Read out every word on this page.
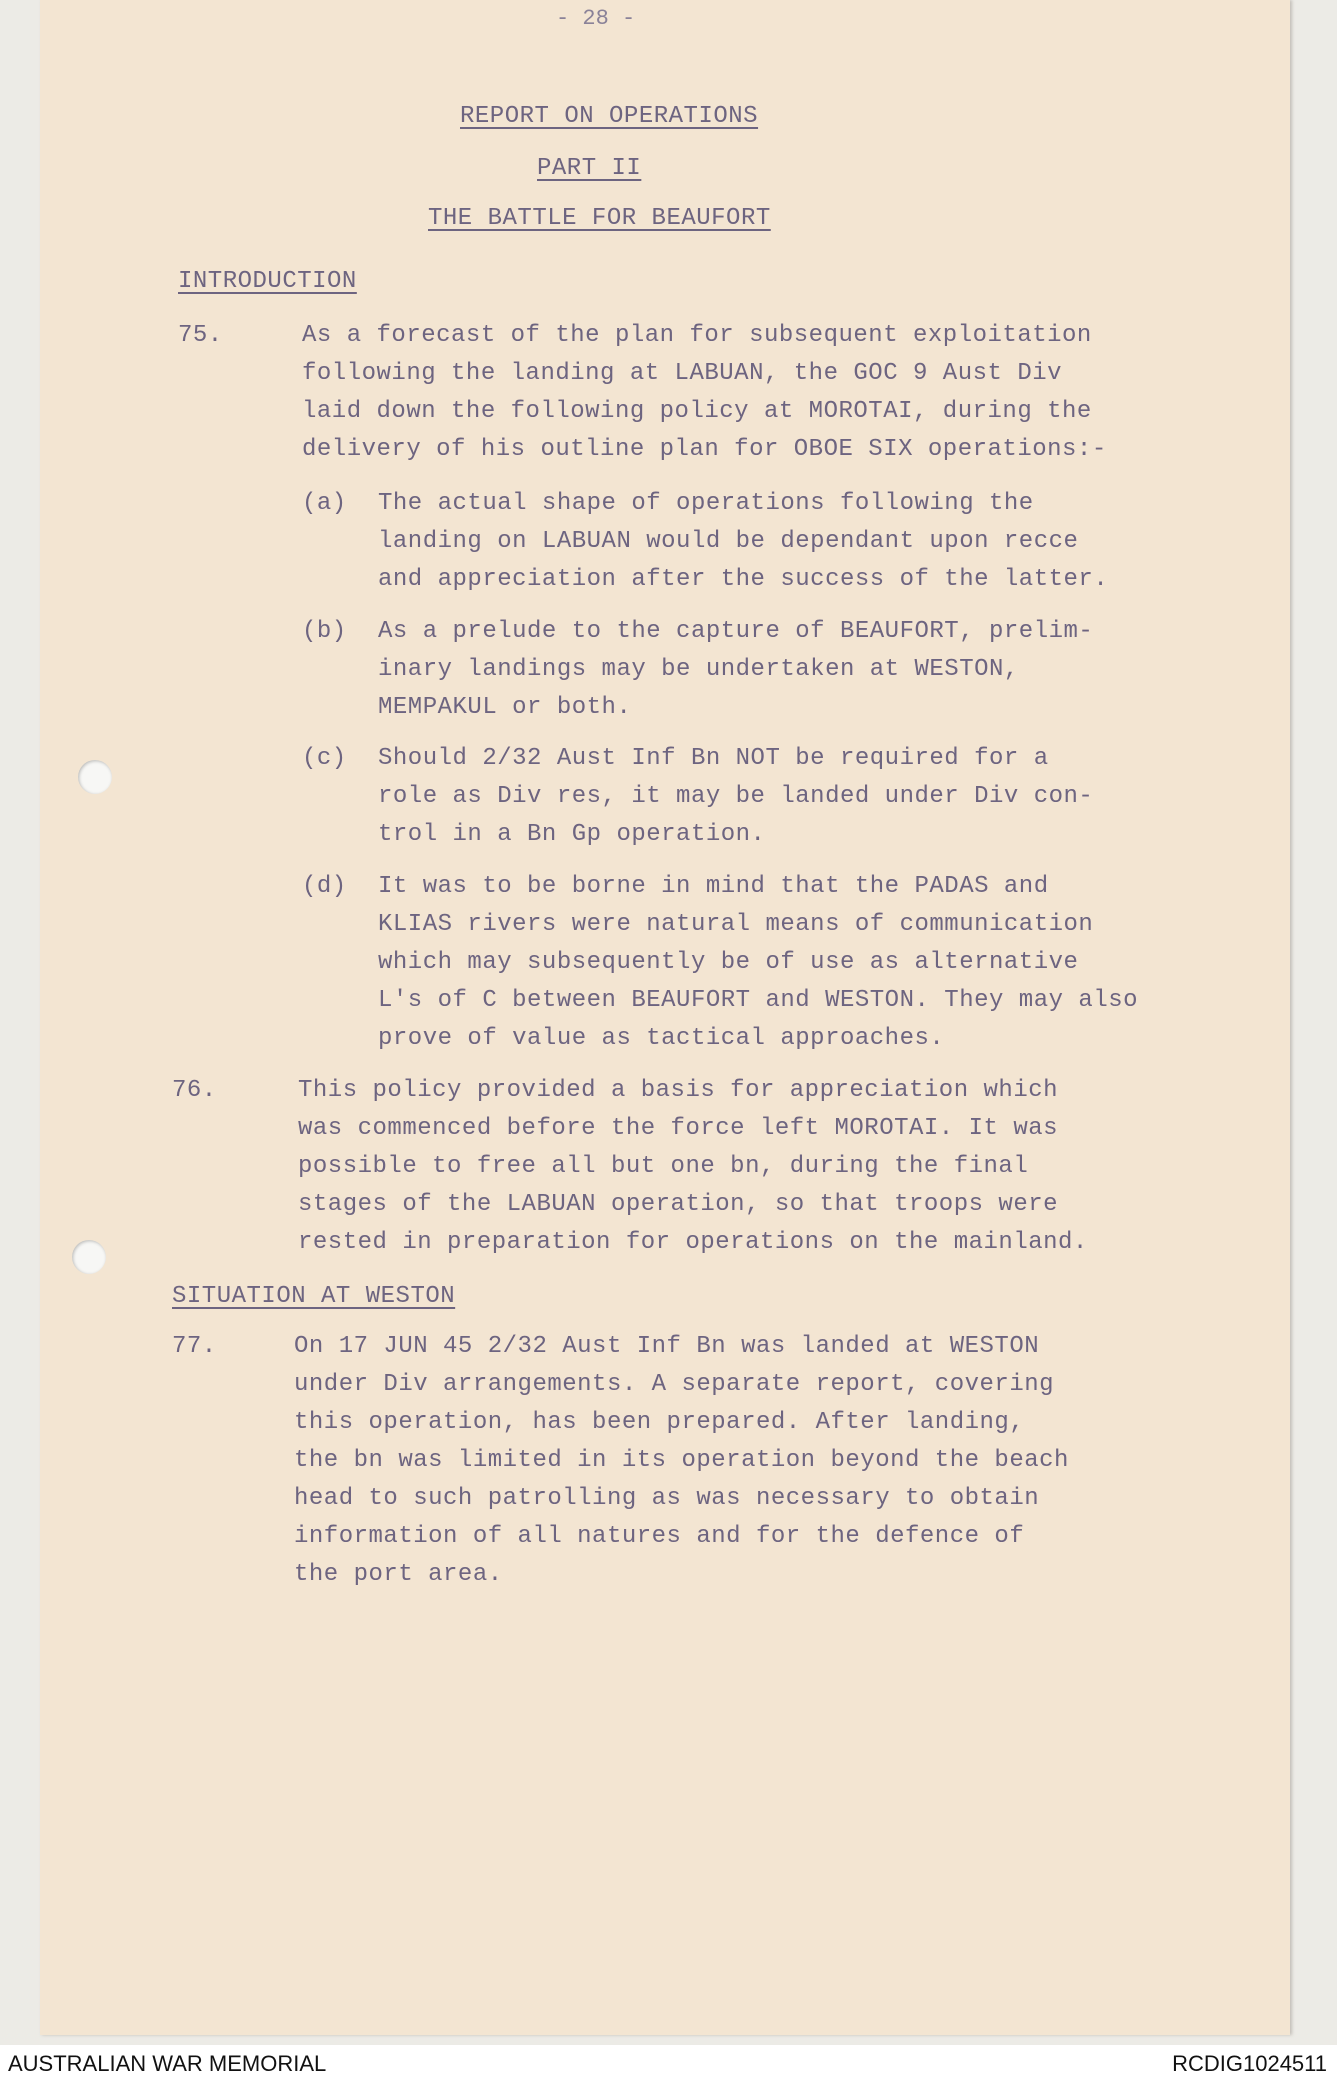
- 28 -
REPORT ON OPERATIONS
PART II
THE BATTLE FOR BEAUFORT
INTRODUCTION
75.	As a forecast of the plan for subsequent exploitation
following the landing at LABUAN, the GOC 9 Aust Div
laid down the following policy at MOROTAI, during the
delivery of his outline plan for OBOE SIX operations:-
(a) The actual shape of operations following the
landing on LABUAN would be dependant upon recce
and appreciation after the success of the latter.
(b) As a prelude to the capture of BEAUFORT, prelim-
inary landings may be undertaken at WESTON,
MEMPAKUL or both.
(c) Should 2/32 Aust Inf Bn NOT be required for a
role as Div res, it may be landed under Div con-
trol in a Bn Gp operation.
(d) It was to be borne in mind that the PADAS and
KLIAS rivers were natural means of communication
which may subsequently be of use as alternative
L's of C between BEAUFORT and WESTON. They may also
prove of value as tactical approaches.
76.	This policy provided a basis for appreciation which
was commenced before the force left MOROTAI. It was
possible to free all but one bn, during the final
stages of the LABUAN operation, so that troops were
rested in preparation for operations on the mainland.
SITUATION AT WESTON
77.	On 17 JUN 45 2/32 Aust Inf Bn was landed at WESTON
under Div arrangements. A separate report, covering
this operation, has been prepared. After landing,
the bn was limited in its operation beyond the beach
head to such patrolling as was necessary to obtain
information of all natures and for the defence of
the port area.
AUSTRALIAN WAR MEMORIAL	RCDIG1024511
